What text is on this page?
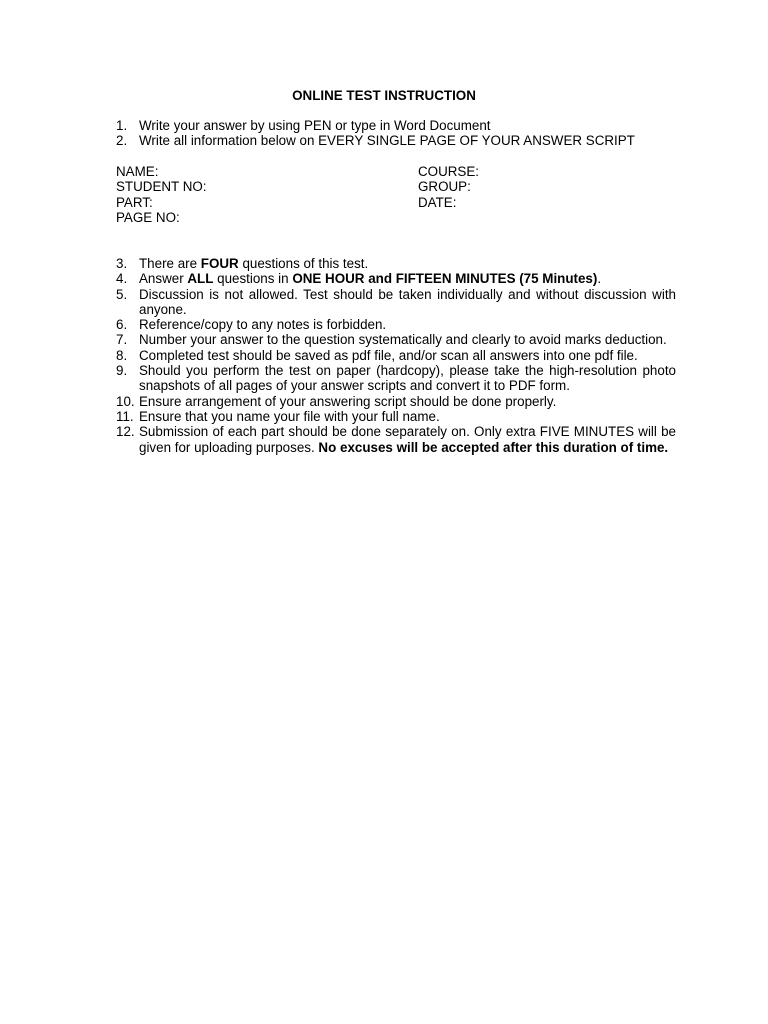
ONLINE TEST INSTRUCTION
1. Write your answer by using PEN or type in Word Document
2. Write all information below on EVERY SINGLE PAGE OF YOUR ANSWER SCRIPT
NAME:	COURSE:
STUDENT NO:	GROUP:
PART:	DATE:
PAGE NO:
3. There are FOUR questions of this test.
4. Answer ALL questions in ONE HOUR and FIFTEEN MINUTES (75 Minutes).
5. Discussion is not allowed. Test should be taken individually and without discussion with anyone.
6. Reference/copy to any notes is forbidden.
7. Number your answer to the question systematically and clearly to avoid marks deduction.
8. Completed test should be saved as pdf file, and/or scan all answers into one pdf file.
9. Should you perform the test on paper (hardcopy), please take the high-resolution photo snapshots of all pages of your answer scripts and convert it to PDF form.
10. Ensure arrangement of your answering script should be done properly.
11. Ensure that you name your file with your full name.
12. Submission of each part should be done separately on. Only extra FIVE MINUTES will be given for uploading purposes. No excuses will be accepted after this duration of time.
